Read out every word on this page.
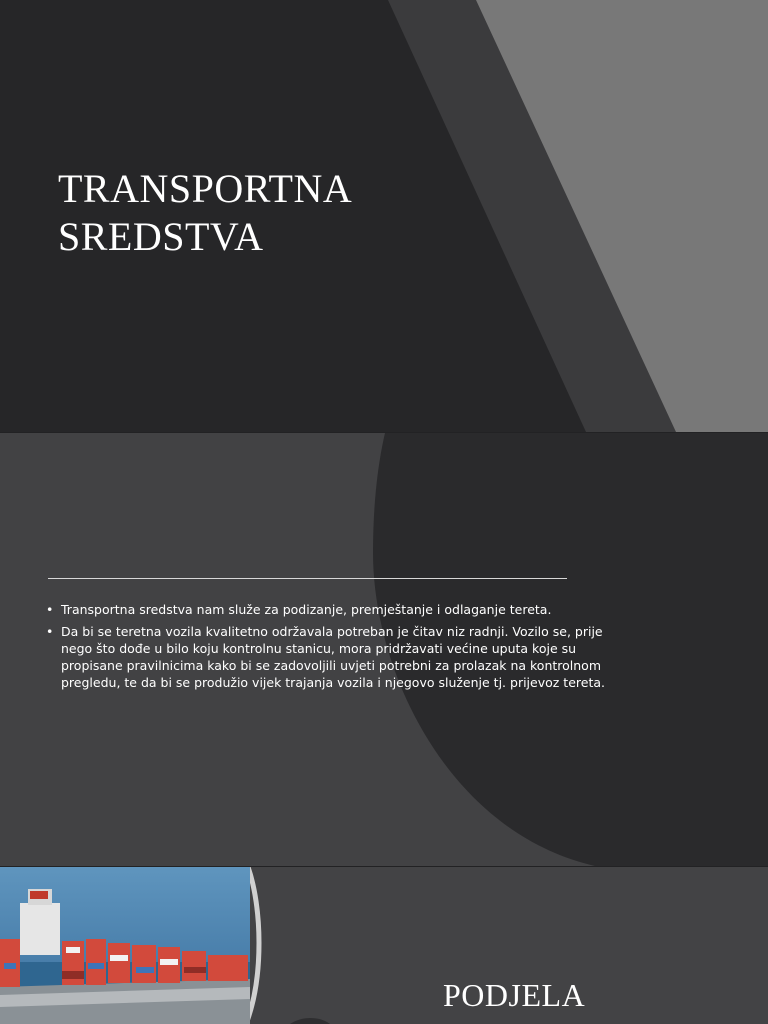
TRANSPORTNA
SREDSTVA
• Transportna sredstva nam služe za podizanje, premještanje i odlaganje tereta.
• Da bi se teretna vozila kvalitetno održavala potreban je čitav niz radnji. Vozilo se, prije nego što dođe u bilo koju kontrolnu stanicu, mora pridržavati većine uputa koje su propisane pravilnicima kako bi se zadovoljili uvjeti potrebni za prolazak na kontrolnom pregledu, te da bi se produžio vijek trajanja vozila i njegovo služenje tj. prijevoz tereta.
PODJELA
